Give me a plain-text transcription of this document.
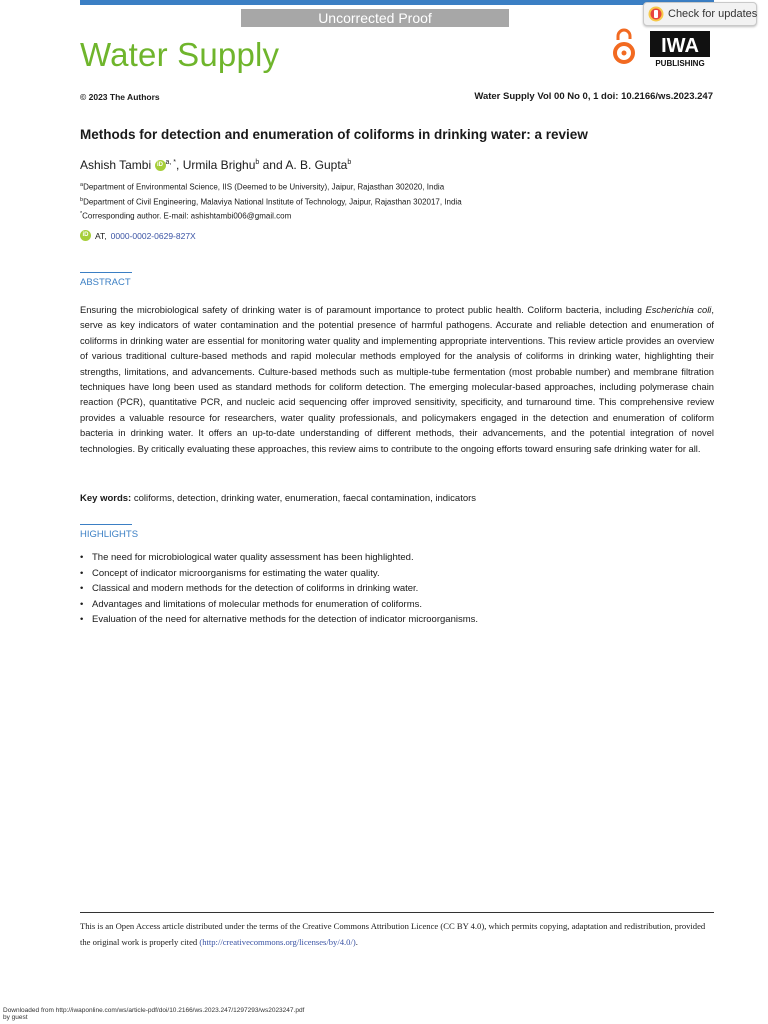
Uncorrected Proof	Check for updates
Water Supply	IWA
PUBLISHING
© 2023 The Authors	Water Supply Vol 00 No 0, 1 doi: 10.2166/ws.2023.247
Methods for detection and enumeration of coliforms in drinking water: a review
Ashish Tambi iD $^{a, *}$, Urmila Brighu$^b$ and A. B. Gupta$^b$
$^a$Department of Environmental Science, IIS (Deemed to be University), Jaipur, Rajasthan 302020, India
$^b$Department of Civil Engineering, Malaviya National Institute of Technology, Jaipur, Rajasthan 302017, India
*Corresponding author. E-mail: ashishtambi006@gmail.com
iD AT, 0000-0002-0629-827X
ABSTRACT
Ensuring the microbiological safety of drinking water is of paramount importance to protect public health. Coliform bacteria, including Escherichia coli, serve as key indicators of water contamination and the potential presence of harmful pathogens. Accurate and reliable detection and enumeration of coliforms in drinking water are essential for monitoring water quality and implementing appropriate interventions. This review article provides an overview of various traditional culture-based methods and rapid molecular methods employed for the analysis of coliforms in drinking water, highlighting their strengths, limitations, and advancements. Culture-based methods such as multiple-tube fermentation (most probable number) and membrane filtration techniques have long been used as standard methods for coliform detection. The emerging molecular-based approaches, including polymerase chain reaction (PCR), quantitative PCR, and nucleic acid sequencing offer improved sensitivity, specificity, and turnaround time. This comprehensive review provides a valuable resource for researchers, water quality professionals, and policymakers engaged in the detection and enumeration of coliform bacteria in drinking water. It offers an up-to-date understanding of different methods, their advancements, and the potential integration of novel technologies. By critically evaluating these approaches, this review aims to contribute to the ongoing efforts toward ensuring safe drinking water for all.
Key words: coliforms, detection, drinking water, enumeration, faecal contamination, indicators
HIGHLIGHTS
• The need for microbiological water quality assessment has been highlighted.
• Concept of indicator microorganisms for estimating the water quality.
• Classical and modern methods for the detection of coliforms in drinking water.
• Advantages and limitations of molecular methods for enumeration of coliforms.
• Evaluation of the need for alternative methods for the detection of indicator microorganisms.
This is an Open Access article distributed under the terms of the Creative Commons Attribution Licence (CC BY 4.0), which permits copying, adaptation and redistribution, provided the original work is properly cited (http://creativecommons.org/licenses/by/4.0/).
Downloaded from http://iwaponline.com/ws/article-pdf/doi/10.2166/ws.2023.247/1297293/ws2023247.pdf
by guest
